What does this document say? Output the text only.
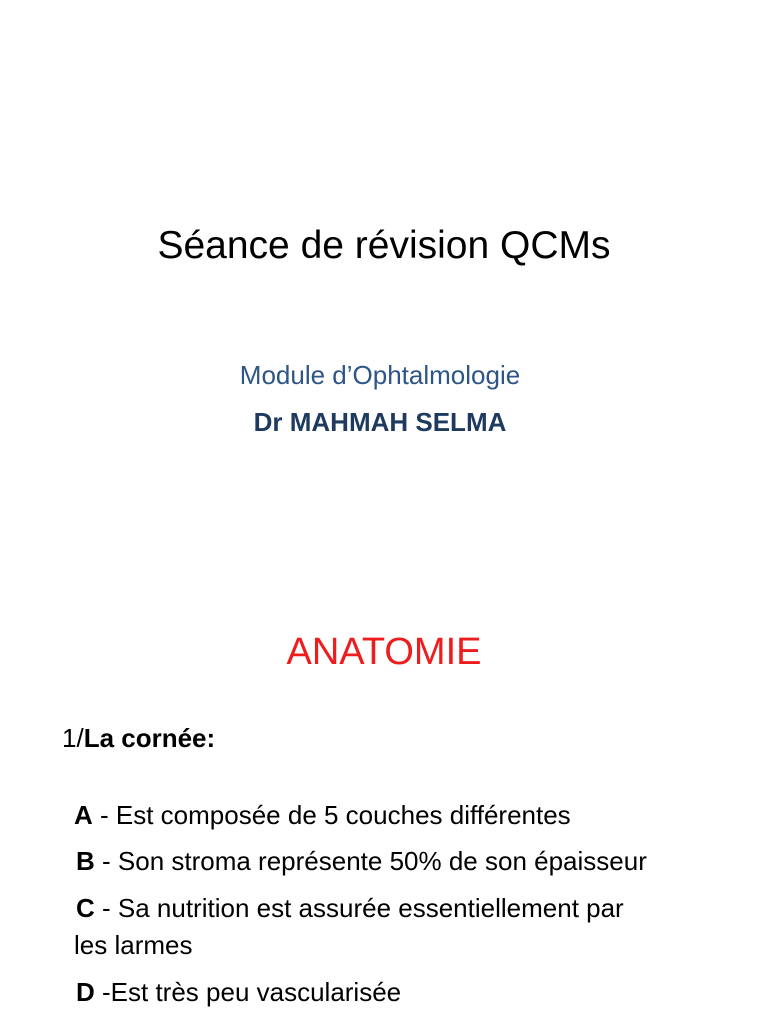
Séance de révision QCMs
Module d’Ophtalmologie
Dr MAHMAH SELMA
ANATOMIE
1/La cornée:
A - Est composée de 5 couches différentes
B - Son stroma représente 50% de son épaisseur
C - Sa nutrition est assurée essentiellement par
les larmes
D -Est très peu vascularisée
